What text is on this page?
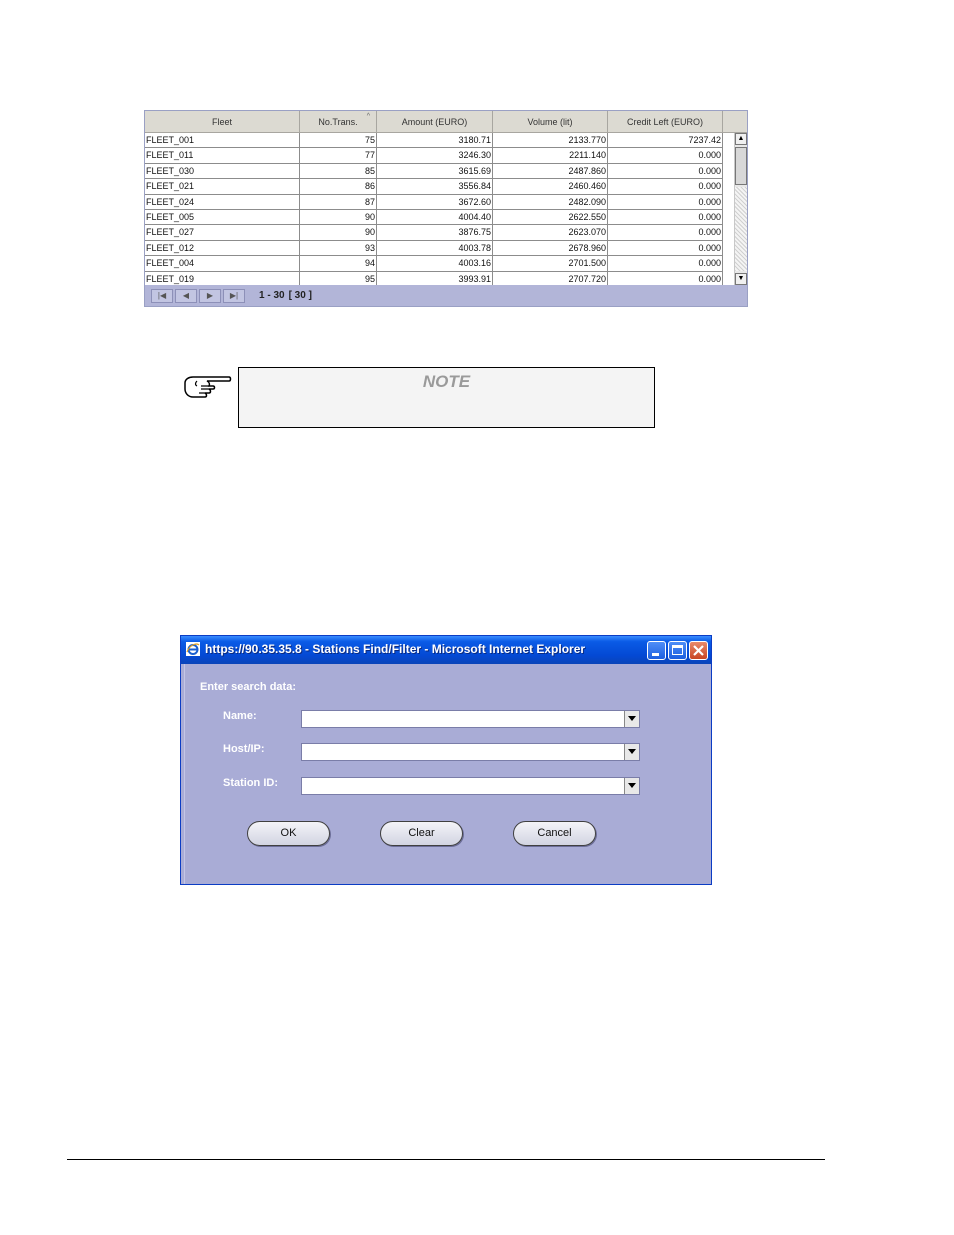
Fleet	No.Trans. ^	Amount (EURO)	Volume (lit)	Credit Left (EURO)
FLEET_001	75	3180.71	2133.770	7237.42
FLEET_011	77	3246.30	2211.140	0.000
FLEET_030	85	3615.69	2487.860	0.000
FLEET_021	86	3556.84	2460.460	0.000
FLEET_024	87	3672.60	2482.090	0.000
FLEET_005	90	4004.40	2622.550	0.000
FLEET_027	90	3876.75	2623.070	0.000
FLEET_012	93	4003.78	2678.960	0.000
FLEET_004	94	4003.16	2701.500	0.000
FLEET_019	95	3993.91	2707.720	0.000
▲
▼
|◀	◀	▶	▶|	1 - 30 [ 30 ]
NOTE
https://90.35.35.8 - Stations Find/Filter - Microsoft Internet Explorer
Enter search data:
Name:
Host/IP:
Station ID:
OK	Clear	Cancel
